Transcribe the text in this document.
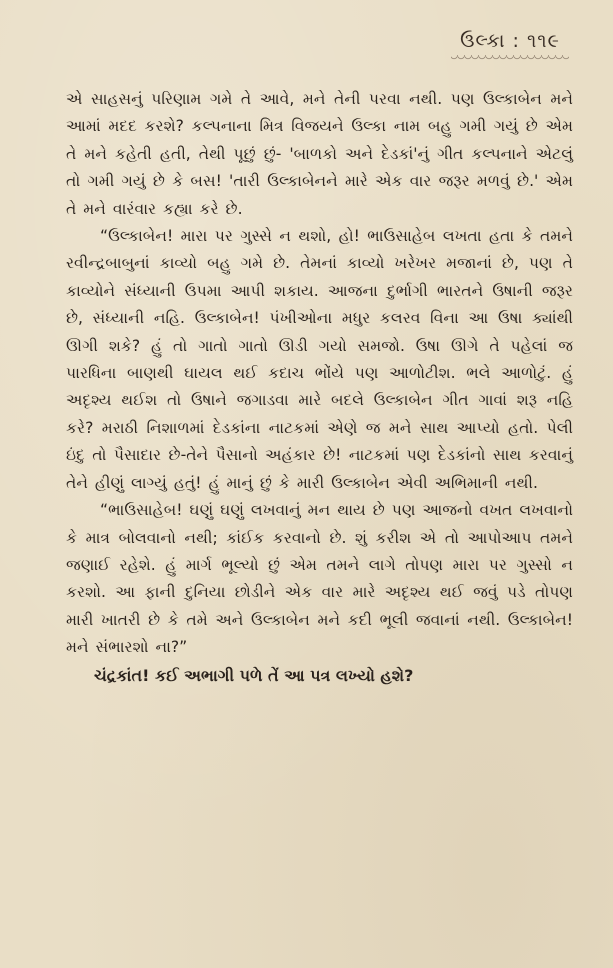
ઉલ્કા : ૧૧૯

એ સાહસનું પરિણામ ગમે તે આવે, મને તેની પરવા નથી. પણ ઉલ્કાબેન મને આમાં મદદ કરશે? કલ્પનાના મિત્ર વિજયને ઉલ્કા નામ બહુ ગમી ગયું છે એમ તે મને કહેતી હતી, તેથી પૂછું છું- 'બાળકો અને દેડકાં'નું ગીત કલ્પનાને એટલું તો ગમી ગયું છે કે બસ! 'તારી ઉલ્કાબેનને મારે એક વાર જરૂર મળવું છે.' એમ તે મને વારંવાર કહ્યા કરે છે.

“ઉલ્કાબેન! મારા પર ગુસ્સે ન થશો, હો! ભાઉસાહેબ લખતા હતા કે તમને રવીન્દ્રબાબુનાં કાવ્યો બહુ ગમે છે. તેમનાં કાવ્યો ખરેખર મજાનાં છે, પણ તે કાવ્યોને સંધ્યાની ઉપમા આપી શકાય. આજના દુર્ભાગી ભારતને ઉષાની જરૂર છે, સંધ્યાની નહિ. ઉલ્કાબેન! પંખીઓના મધુર કલરવ વિના આ ઉષા ક્યાંથી ઊગી શકે? હું તો ગાતો ગાતો ઊડી ગયો સમજો. ઉષા ઊગે તે પહેલાં જ પારધિના બાણથી ઘાયલ થઈ કદાચ ભોંયે પણ આળોટીશ. ભલે આળોટું. હું અદૃશ્ય થઈશ તો ઉષાને જગાડવા મારે બદલે ઉલ્કાબેન ગીત ગાવાં શરૂ નહિ કરે? મરાઠી નિશાળમાં દેડકાંના નાટકમાં એણે જ મને સાથ આપ્યો હતો. પેલી ઇંદુ તો પૈસાદાર છે-તેને પૈસાનો અહંકાર છે! નાટકમાં પણ દેડકાંનો સાથ કરવાનું તેને હીણું લાગ્યું હતું! હું માનું છું કે મારી ઉલ્કાબેન એવી અભિમાની નથી.

“ભાઉસાહેબ! ઘણું ઘણું લખવાનું મન થાય છે પણ આજનો વખત લખવાનો કે માત્ર બોલવાનો નથી; કાંઈક કરવાનો છે. શું કરીશ એ તો આપોઆપ તમને જણાઈ રહેશે. હું માર્ગ ભૂલ્યો છું એમ તમને લાગે તોપણ મારા પર ગુસ્સો ન કરશો. આ ફાની દુનિયા છોડીને એક વાર મારે અદૃશ્ય થઈ જવું પડે તોપણ મારી ખાતરી છે કે તમે અને ઉલ્કાબેન મને કદી ભૂલી જવાનાં નથી. ઉલ્કાબેન! મને સંભારશો ના?”

ચંદ્રકાંત! કઈ અભાગી પળે તેં આ પત્ર લખ્યો હશે?
